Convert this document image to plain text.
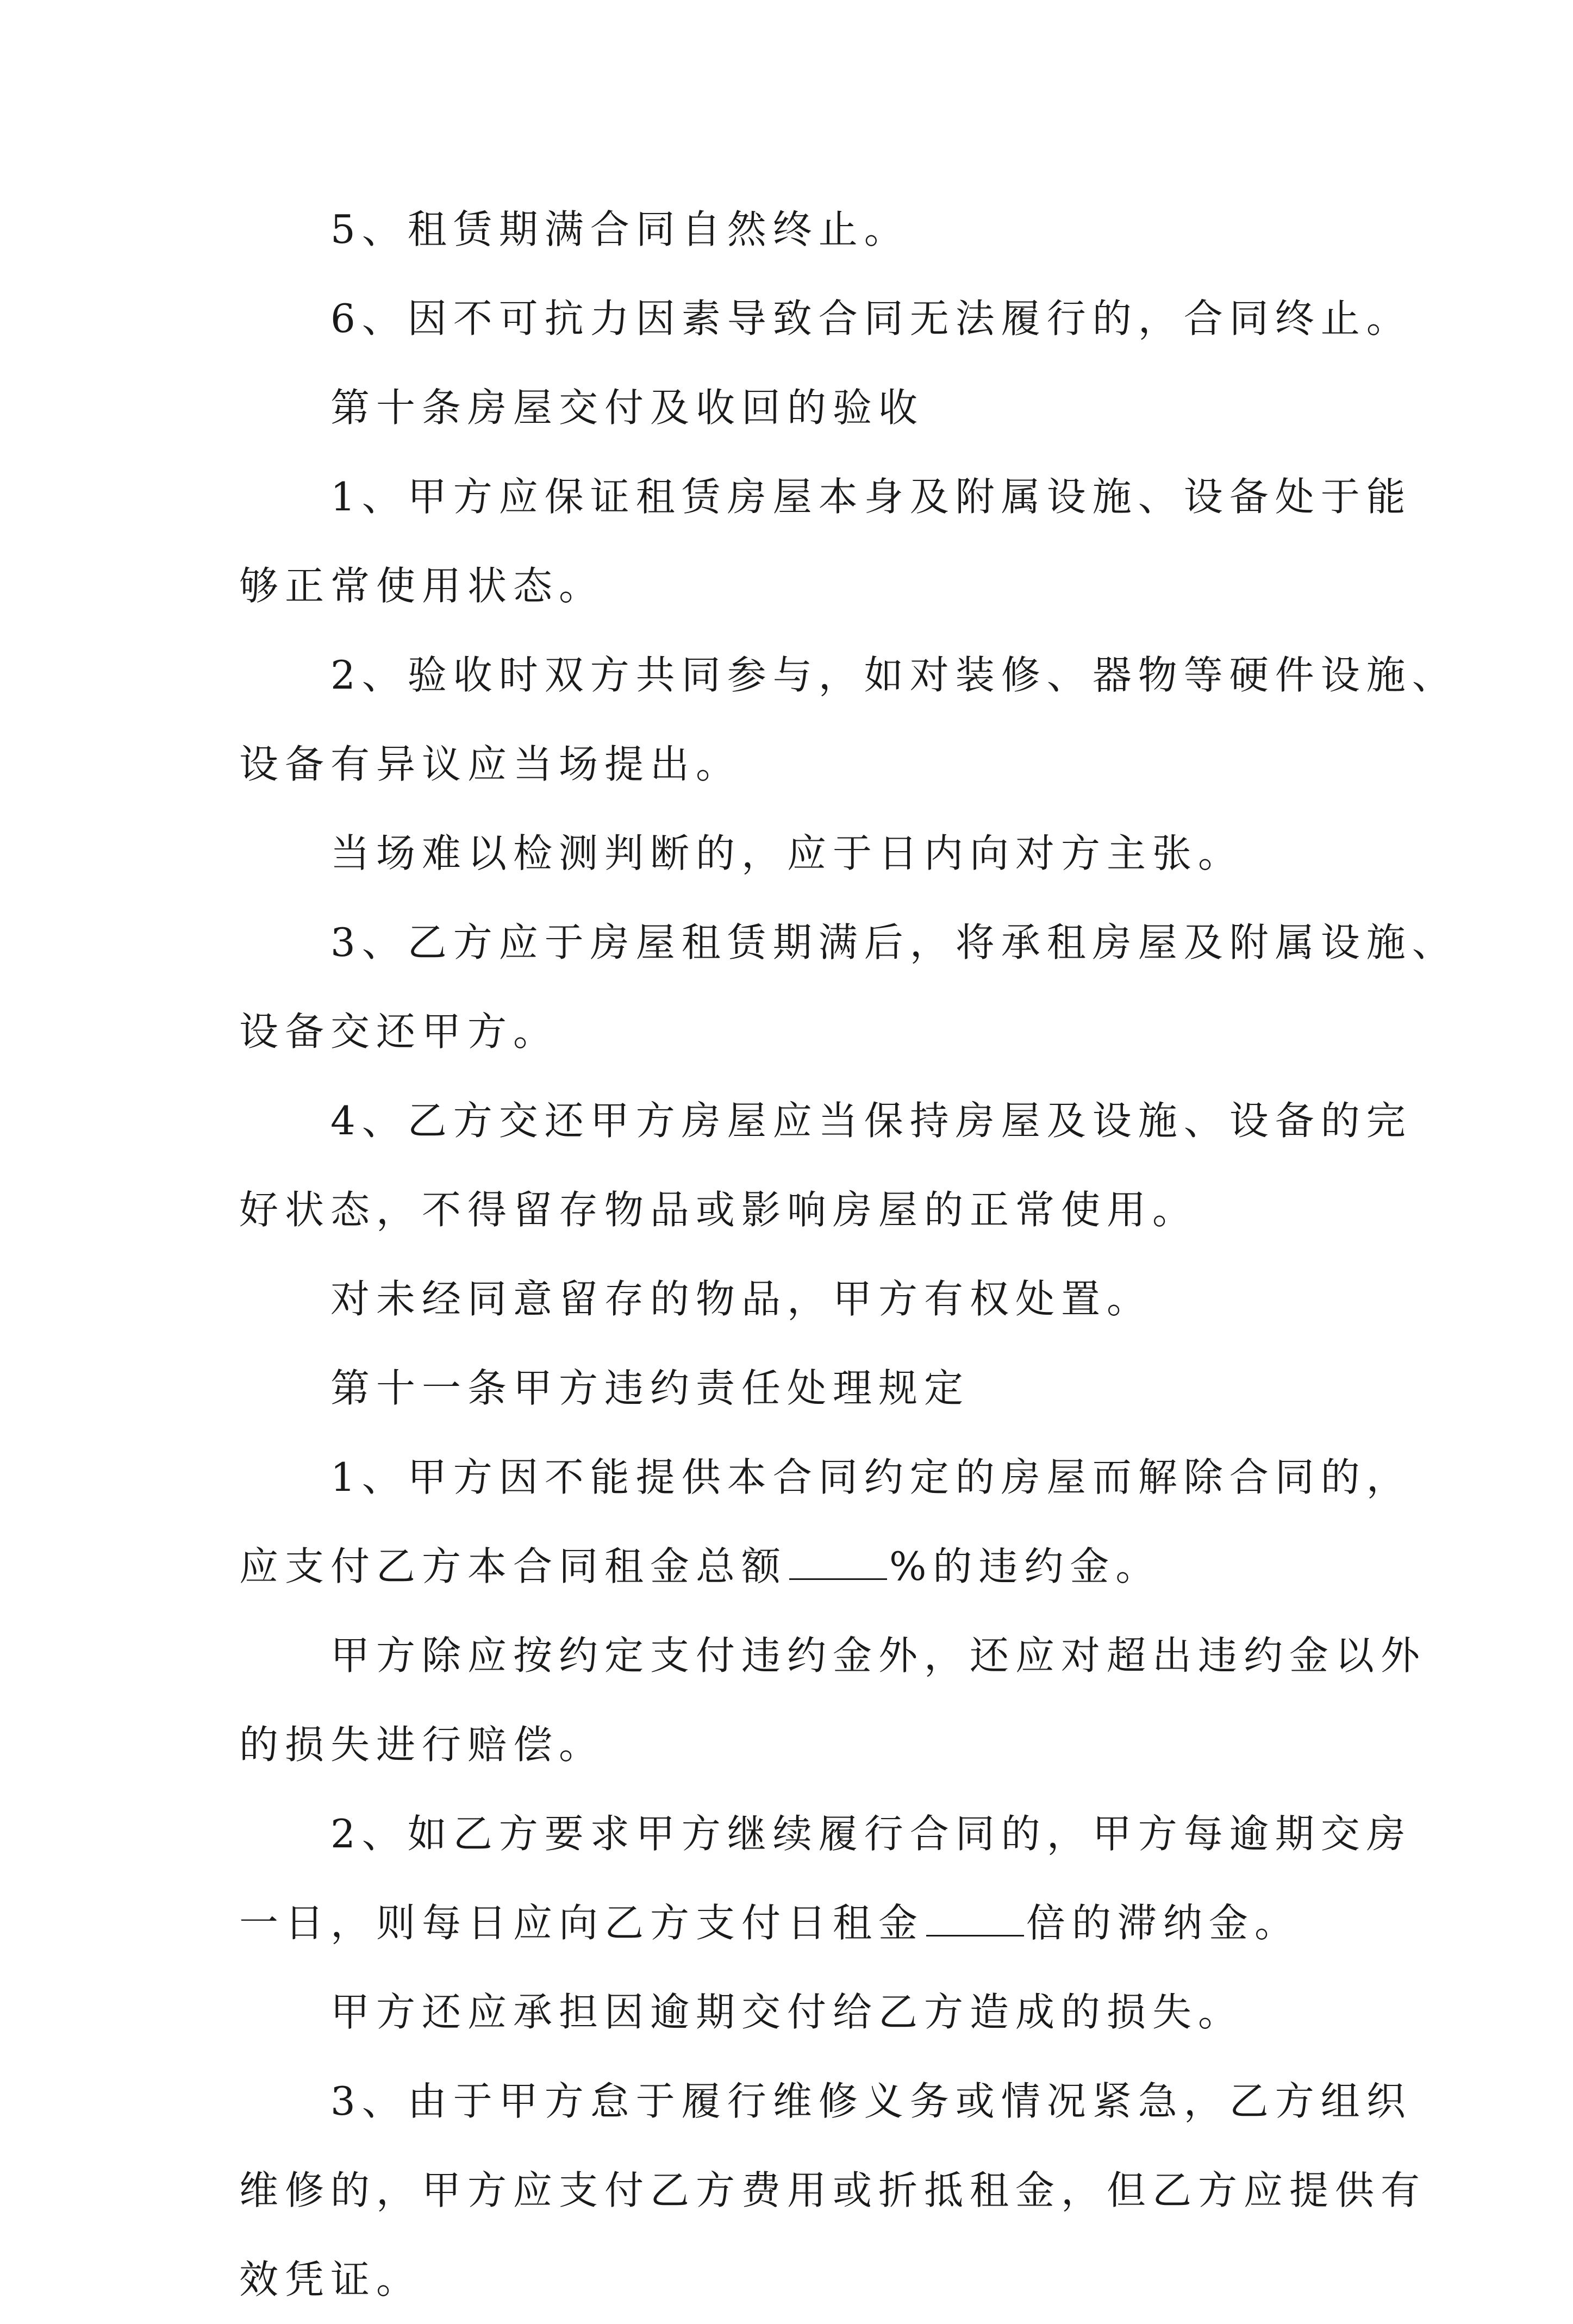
5、租赁期满合同自然终止。
6、因不可抗力因素导致合同无法履行的，合同终止。
第十条房屋交付及收回的验收
1、甲方应保证租赁房屋本身及附属设施、设备处于能
够正常使用状态。
2、验收时双方共同参与，如对装修、器物等硬件设施、
设备有异议应当场提出。
当场难以检测判断的，应于日内向对方主张。
3、乙方应于房屋租赁期满后，将承租房屋及附属设施、
设备交还甲方。
4、乙方交还甲方房屋应当保持房屋及设施、设备的完
好状态，不得留存物品或影响房屋的正常使用。
对未经同意留存的物品，甲方有权处置。
第十一条甲方违约责任处理规定
1、甲方因不能提供本合同约定的房屋而解除合同的，
应支付乙方本合同租金总额	%的违约金。
甲方除应按约定支付违约金外，还应对超出违约金以外
的损失进行赔偿。
2、如乙方要求甲方继续履行合同的，甲方每逾期交房
一日，则每日应向乙方支付日租金	倍的滞纳金。
甲方还应承担因逾期交付给乙方造成的损失。
3、由于甲方怠于履行维修义务或情况紧急，乙方组织
维修的，甲方应支付乙方费用或折抵租金，但乙方应提供有
效凭证。
